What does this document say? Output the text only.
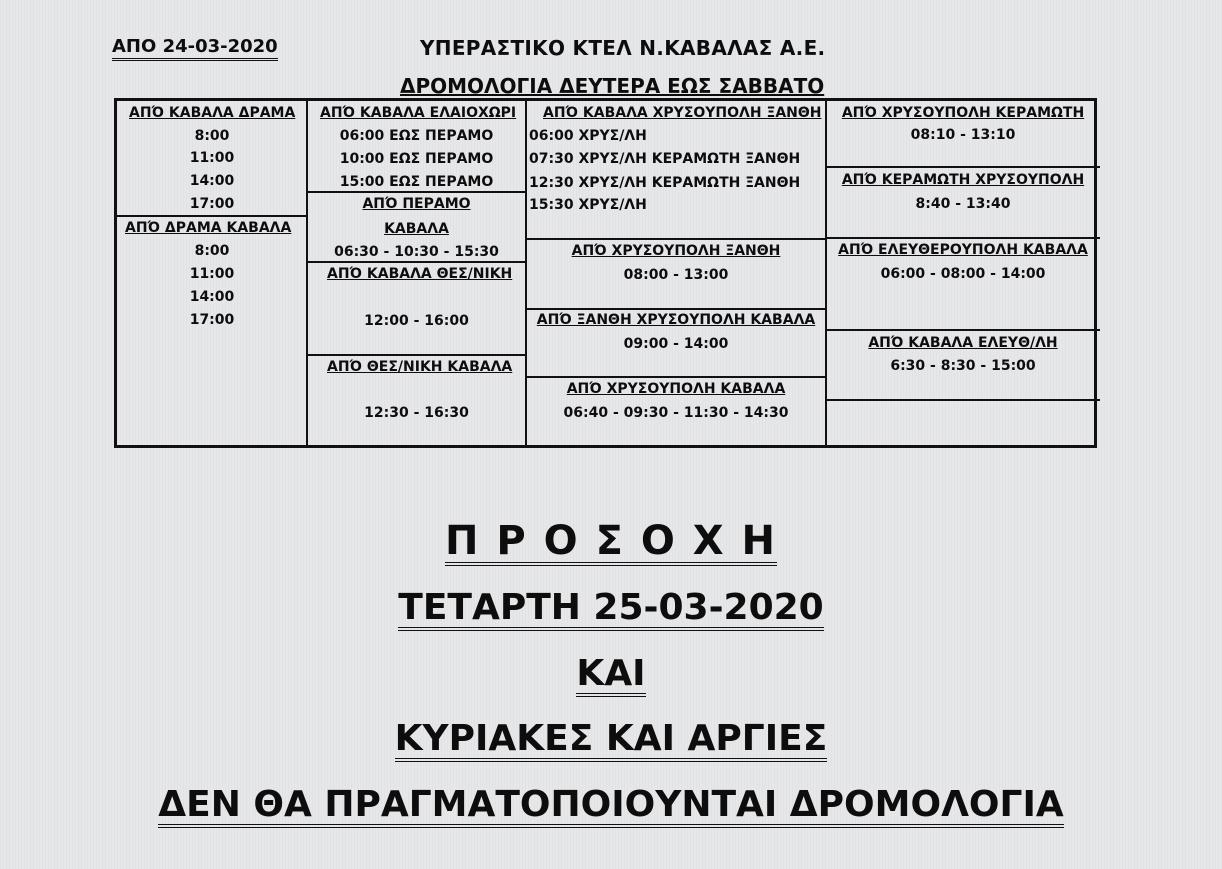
ΑΠΟ 24-03-2020	ΥΠΕΡΑΣΤΙΚΟ ΚΤΕΛ Ν.ΚΑΒΑΛΑΣ Α.Ε.
ΔΡΟΜΟΛΟΓΙΑ ΔΕΥΤΕΡΑ ΕΩΣ ΣΑΒΒΑΤΟ
ΑΠΌ ΚΑΒΑΛΑ ΔΡΑΜΑ
8:00
11:00
14:00
17:00
ΑΠΌ ΔΡΑΜΑ ΚΑΒΑΛΑ
8:00
11:00
14:00
17:00
ΑΠΌ ΚΑΒΑΛΑ ΕΛΑΙΟΧΩΡΙ
06:00 ΕΩΣ ΠΕΡΑΜΟ
10:00 ΕΩΣ ΠΕΡΑΜΟ
15:00 ΕΩΣ ΠΕΡΑΜΟ
ΑΠΌ ΠΕΡΑΜΟ
ΚΑΒΑΛΑ
06:30 - 10:30 - 15:30
ΑΠΌ ΚΑΒΑΛΑ ΘΕΣ/ΝΙΚΗ
12:00 - 16:00
ΑΠΌ ΘΕΣ/ΝΙΚΗ ΚΑΒΑΛΑ
12:30 - 16:30
ΑΠΌ ΚΑΒΑΛΑ ΧΡΥΣΟΥΠΟΛΗ ΞΑΝΘΗ
06:00 ΧΡΥΣ/ΛΗ
07:30 ΧΡΥΣ/ΛΗ ΚΕΡΑΜΩΤΗ ΞΑΝΘΗ
12:30 ΧΡΥΣ/ΛΗ ΚΕΡΑΜΩΤΗ ΞΑΝΘΗ
15:30 ΧΡΥΣ/ΛΗ
ΑΠΌ ΧΡΥΣΟΥΠΟΛΗ ΞΑΝΘΗ
08:00 - 13:00
ΑΠΌ ΞΑΝΘΗ ΧΡΥΣΟΥΠΟΛΗ ΚΑΒΑΛΑ
09:00 - 14:00
ΑΠΌ ΧΡΥΣΟΥΠΟΛΗ ΚΑΒΑΛΑ
06:40 - 09:30 - 11:30 - 14:30
ΑΠΌ ΧΡΥΣΟΥΠΟΛΗ ΚΕΡΑΜΩΤΗ
08:10 - 13:10
ΑΠΌ ΚΕΡΑΜΩΤΗ ΧΡΥΣΟΥΠΟΛΗ
8:40 - 13:40
ΑΠΌ ΕΛΕΥΘΕΡΟΥΠΟΛΗ ΚΑΒΑΛΑ
06:00 - 08:00 - 14:00
ΑΠΌ ΚΑΒΑΛΑ ΕΛΕΥΘ/ΛΗ
6:30 - 8:30 - 15:00
Π Ρ Ο Σ Ο Χ Η
ΤΕΤΑΡΤΗ 25-03-2020
ΚΑΙ
ΚΥΡΙΑΚΕΣ ΚΑΙ ΑΡΓΙΕΣ
ΔΕΝ ΘΑ ΠΡΑΓΜΑΤΟΠΟΙΟΥΝΤΑΙ ΔΡΟΜΟΛΟΓΙΑ
